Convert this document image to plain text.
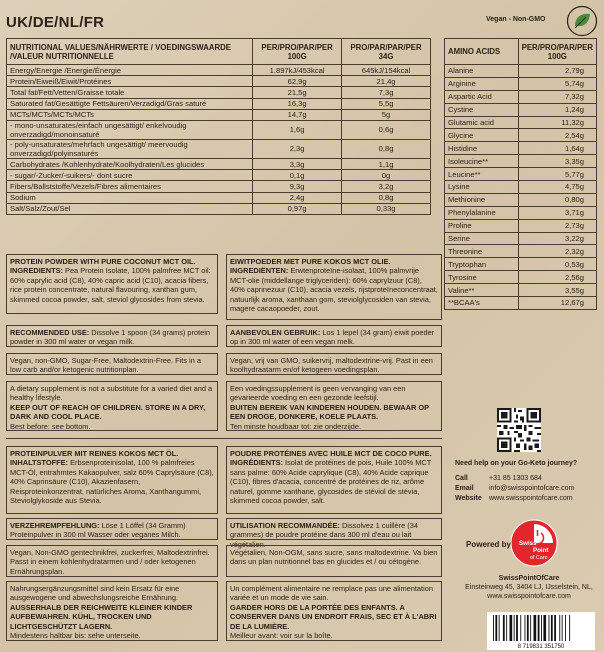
UK/DE/NL/FR	Vegan - Non-GMO
NUTRITIONAL VALUES/NÄHRWERTE / VOEDINGSWAARDE /VALEUR NUTRITIONNELLE	PER/PRO/PAR/PER 100G	PRO/PAR/PAR/PER 34G
Energy/Energie /Energie/Énergie	1.897kJ/453kcal	645kJ/154kcal
Protein/Eiweiß/Eiwit/Protéines	62,9g	21,4g
Total fat/Fett/Vetten/Graisse totale	21,5g	7,3g
Saturated fat/Gesättigte Fettsäuren/Verzadigd/Gras saturé	16,3g	5,5g
MCTs/MCTs/MCTs/MCTs	14,7g	5g
- mono-unsaturates/einfach ungesättigt/ enkelvoudig onverzadigd/monoinsaturé	1,6g	0,6g
- poly-unsaturates/mehrfach ungesättigt/ meervoudig onverzadigd/polyinsaturés	2,3g	0,8g
Carbohydrates /Kohlenhydrate/Koolhydraten/Les glucides	3,3g	1,1g
- sugar/-Zucker/-suikers/- dont sucre	0,1g	0g
Fibers/Ballststoffe/Vezels/Fibres alimentaires	9,3g	3,2g
Sodium	2,4g	0,8g
Salt/Salz/Zout/Sel	0,97g	0,33g
AMINO ACIDS	PER/PRO/PAR/PER 100G
Alanine	2,79g
Arginine	5,74g
Aspartic Acid	7,32g
Cystine	1,24g
Glutamic acid	11,32g
Glycine	2,54g
Histidine	1,64g
Isoleucine**	3,35g
Leucine**	5,77g
Lysine	4,75g
Methionine	0,80g
Phenylalanine	3,71g
Proline	2,73g
Serine	3,22g
Threonine	2,32g
Tryptophan	0,53g
Tyrosine	2,56g
Valine**	3,55g
**BCAA's	12,67g

PROTEIN POWDER WITH PURE COCONUT MCT OIL.

INGREDIENTS: Pea Protein Isolate, 100% palmfree MCT oil: 60% caprylic acid (C8), 40% capric acid (C10), acacia fibers, rice protein concentrate, natural flavouring, xanthan gum, skimmed cocoa powder, salt, steviol glycosides from stevia.

RECOMMENDED USE: Dissolve 1 spoon (34 grams) protein powder in 300 ml water or vegan milk.

Vegan, non-GMO, Sugar-Free, Maltodextrin-Free. Fits in a low carb and/or ketogenic nutritionplan.

A dietary supplement is not a substitute for a varied diet and a healthy lifestyle.

KEEP OUT OF REACH OF CHILDREN. STORE IN A DRY, DARK AND COOL PLACE.

Best before: see bottom.

EIWITPOEDER MET PURE KOKOS MCT OLIE.

INGREDIËNTEN: Erwtenproteïne-isolaat, 100% palmvrije MCT-olie (middellange triglyceriden): 60% caprylzuur (C8), 40% caprinezuur (C10), acacia vezels, rijstproteïneconcentraat, natuurlijk aroma, xanthaan gom, steviolglycosiden van stevia, magere cacaopoeder, zout.

AANBEVOLEN GEBRUIK: Los 1 lepel (34 gram) eiwit poeder op in 300 ml water of een vegan melk.

Vegan, vrij van GMO, suikervrij, maltodextrine-vrij. Past in een koolhydraatarm en/of ketogeen voedingsplan.

Een voedingssupplement is geen vervanging van een gevarieerde voeding en een gezonde leefstijl.

BUITEN BEREIK VAN KINDEREN HOUDEN. BEWAAR OP EEN DROGE, DONKERE, KOELE PLAATS.

Ten minste houdbaar tot: zie onderzijde.

PROTEINPULVER MIT REINES KOKOS MCT ÖL.

INHALTSTOFFE: Erbsenproteinisolat, 100 % palmfreies MCT-Öl, entrahmtes Kakaopulver, salz 60% Caprylsäure (C8), 40% Caprinsäure (C10), Akazienfasern, Reisproteinkonzentrat, natürliches Aroma, Xanthangummi, Steviolglykoside aus Stevia.

VERZEHREMPFEHLUNG: Löse 1 Löffel (34 Gramm) Proteinpulver in 300 ml Wasser oder veganes Milch.

Vegan, Non-GMO gentechnikfrei, zuckerfrei, Maltodextrinfrei. Passt in einem kohlenhydratarmen und / oder ketogenen Ernährungsplan.

Nahrungsergänzungsmittel sind kein Ersatz für eine ausgewogene und abwechslungsreiche Ernährung.

AUSSERHALB DER REICHWEITE KLEINER KINDER AUFBEWAHREN. KÜHL, TROCKEN UND LICHTGESCHÜTZT LAGERN.

Mindestens haltbar bis: sehe unterseite.

POUDRE PROTÉINES AVEC HUILE MCT DE COCO PURE.

INGRÉDIENTS: Isolat de protéines de pois, Huile 100% MCT sans palme: 60% Acide caprylique (C8), 40% Acide caprique (C10), fibres d'acacia, concentré de protéines de riz, arôme naturel, gomme xanthane, glycosides de stéviol de stévia, skimmed cocoa powder, salt.

UTILISATION RECOMMANDÉE: Dissolvez 1 cuillère (34 grammes) de poudre protéine dans 300 ml d'eau ou lait végétalien.

Végétalien, Non-OGM, sans sucre, sans maltodextrine. Va bien dans un plan nutritionnel bas en glucides et / ou cétogène.

Un complément alimentaire ne remplace pas une alimentation variée et un mode de vie sain.

GARDER HORS DE LA PORTÉE DES ENFANTS. A CONSERVER DANS UN ENDROIT FRAIS, SEC ET À L'ABRI DE LA LUMIÈRE.

Meilleur avant: voir sur la boîte.

Need help on your Go-Keto journey?
Call	+31 85 1303 684
Email info@swisspointofcare.com
Website www.swisspointofcare.com
Powered by Swiss
Point
of Care
SwissPointOfCare
Einsteinweg 45, 3404 LJ, IJsselstein, NL,
www.swisspointofcare.com
8 719831 351750
